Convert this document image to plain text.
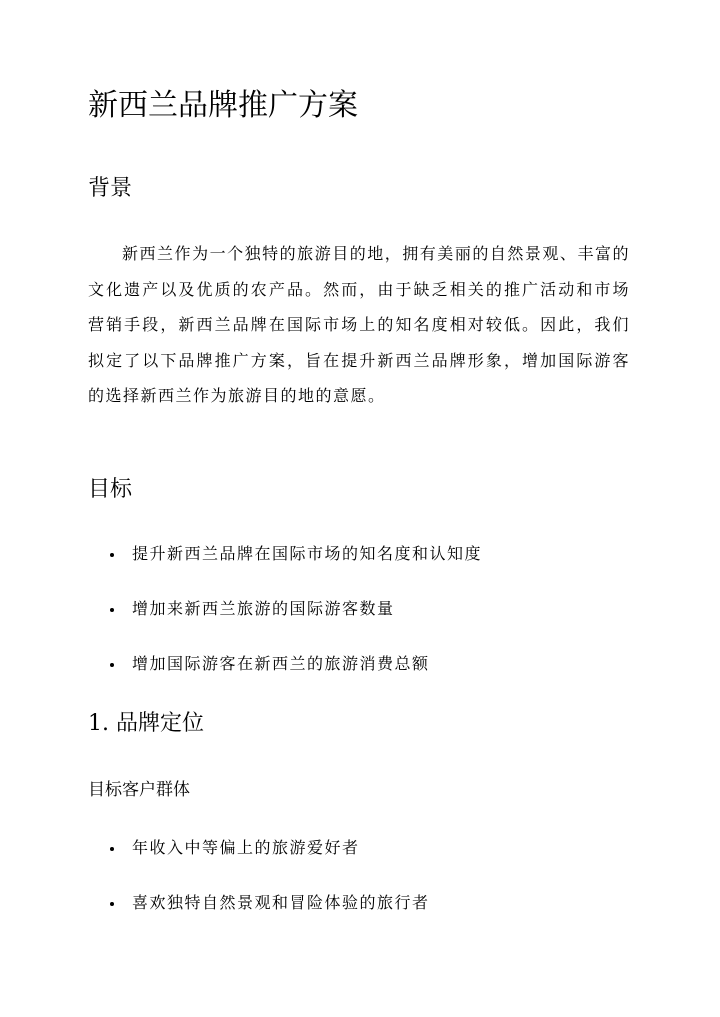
新西兰品牌推广方案
背景

新西兰作为一个独特的旅游目的地，拥有美丽的自然景观、丰富的文化遗产以及优质的农产品。然而，由于缺乏相关的推广活动和市场营销手段，新西兰品牌在国际市场上的知名度相对较低。因此，我们拟定了以下品牌推广方案，旨在提升新西兰品牌形象，增加国际游客的选择新西兰作为旅游目的地的意愿。

目标
提升新西兰品牌在国际市场的知名度和认知度
增加来新西兰旅游的国际游客数量
增加国际游客在新西兰的旅游消费总额
1. 品牌定位
目标客户群体
年收入中等偏上的旅游爱好者
喜欢独特自然景观和冒险体验的旅行者
